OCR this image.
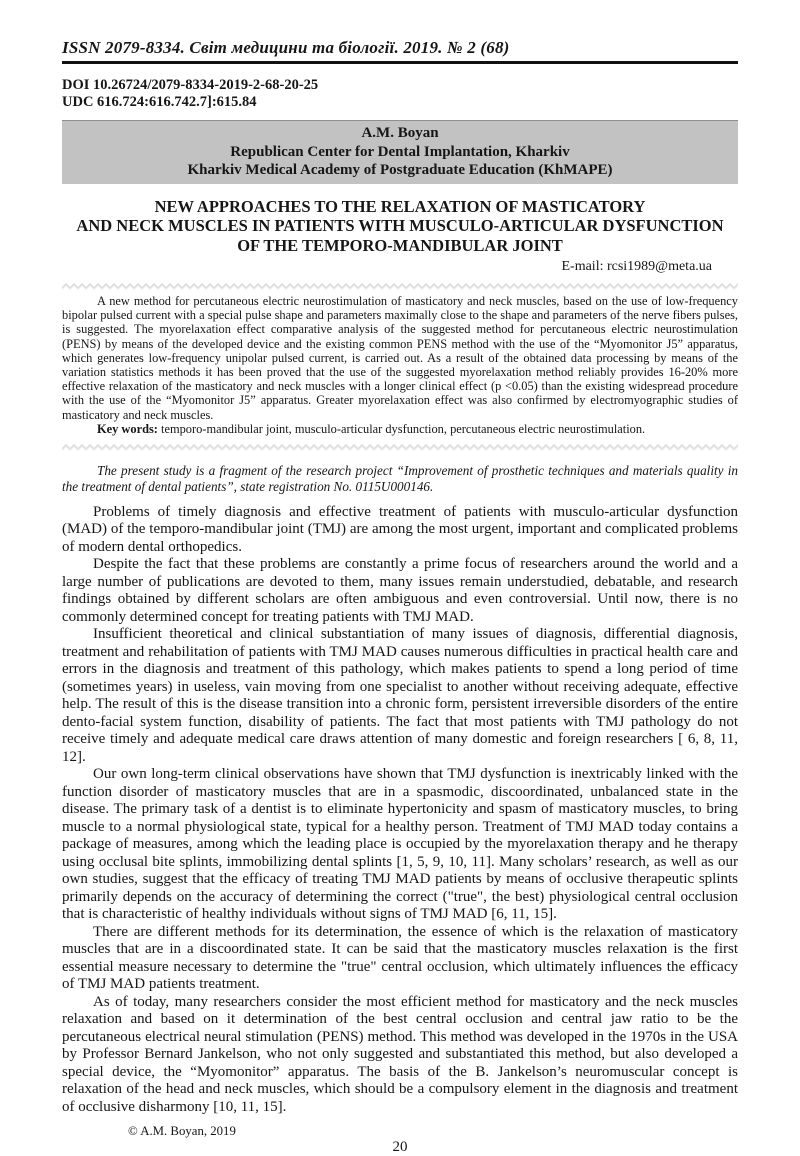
ISSN 2079-8334. Світ медицини та біології. 2019. № 2 (68)
DOI 10.26724/2079-8334-2019-2-68-20-25
UDC 616.724:616.742.7]:615.84
A.M. Boyan
Republican Center for Dental Implantation, Kharkiv
Kharkiv Medical Academy of Postgraduate Education (KhMAPE)
NEW APPROACHES TO THE RELAXATION OF MASTICATORY
AND NECK MUSCLES IN PATIENTS WITH MUSCULO-ARTICULAR DYSFUNCTION
OF THE TEMPORO-MANDIBULAR JOINT
E-mail: rcsi1989@meta.ua

A new method for percutaneous electric neurostimulation of masticatory and neck muscles, based on the use of low-frequency bipolar pulsed current with a special pulse shape and parameters maximally close to the shape and parameters of the nerve fibers pulses, is suggested. The myorelaxation effect comparative analysis of the suggested method for percutaneous electric neurostimulation (PENS) by means of the developed device and the existing common PENS method with the use of the “Myomonitor J5” apparatus, which generates low-frequency unipolar pulsed current, is carried out. As a result of the obtained data processing by means of the variation statistics methods it has been proved that the use of the suggested myorelaxation method reliably provides 16-20% more effective relaxation of the masticatory and neck muscles with a longer clinical effect (p <0.05) than the existing widespread procedure with the use of the “Myomonitor J5” apparatus. Greater myorelaxation effect was also confirmed by electromyographic studies of masticatory and neck muscles.

Key words: temporo-mandibular joint, musculo-articular dysfunction, percutaneous electric neurostimulation.

The present study is a fragment of the research project “Improvement of prosthetic techniques and materials quality in the treatment of dental patients”, state registration No. 0115U000146.

Problems of timely diagnosis and effective treatment of patients with musculo-articular dysfunction (MAD) of the temporo-mandibular joint (TMJ) are among the most urgent, important and complicated problems of modern dental orthopedics.

Despite the fact that these problems are constantly a prime focus of researchers around the world and a large number of publications are devoted to them, many issues remain understudied, debatable, and research findings obtained by different scholars are often ambiguous and even controversial. Until now, there is no commonly determined concept for treating patients with TMJ MAD.

Insufficient theoretical and clinical substantiation of many issues of diagnosis, differential diagnosis, treatment and rehabilitation of patients with TMJ MAD causes numerous difficulties in practical health care and errors in the diagnosis and treatment of this pathology, which makes patients to spend a long period of time (sometimes years) in useless, vain moving from one specialist to another without receiving adequate, effective help. The result of this is the disease transition into a chronic form, persistent irreversible disorders of the entire dento-facial system function, disability of patients. The fact that most patients with TMJ pathology do not receive timely and adequate medical care draws attention of many domestic and foreign researchers [ 6, 8, 11, 12].

Our own long-term clinical observations have shown that TMJ dysfunction is inextricably linked with the function disorder of masticatory muscles that are in a spasmodic, discoordinated, unbalanced state in the disease. The primary task of a dentist is to eliminate hypertonicity and spasm of masticatory muscles, to bring muscle to a normal physiological state, typical for a healthy person. Treatment of TMJ MAD today contains a package of measures, among which the leading place is occupied by the myorelaxation therapy and he therapy using occlusal bite splints, immobilizing dental splints [1, 5, 9, 10, 11]. Many scholars’ research, as well as our own studies, suggest that the efficacy of treating TMJ MAD patients by means of occlusive therapeutic splints primarily depends on the accuracy of determining the correct ("true", the best) physiological central occlusion that is characteristic of healthy individuals without signs of TMJ MAD [6, 11, 15].

There are different methods for its determination, the essence of which is the relaxation of masticatory muscles that are in a discoordinated state. It can be said that the masticatory muscles relaxation is the first essential measure necessary to determine the "true" central occlusion, which ultimately influences the efficacy of TMJ MAD patients treatment.

As of today, many researchers consider the most efficient method for masticatory and the neck muscles relaxation and based on it determination of the best central occlusion and central jaw ratio to be the percutaneous electrical neural stimulation (PENS) method. This method was developed in the 1970s in the USA by Professor Bernard Jankelson, who not only suggested and substantiated this method, but also developed a special device, the “Myomonitor” apparatus. The basis of the B. Jankelson’s neuromuscular concept is relaxation of the head and neck muscles, which should be a compulsory element in the diagnosis and treatment of occlusive disharmony [10, 11, 15].

© A.M. Boyan, 2019
20
